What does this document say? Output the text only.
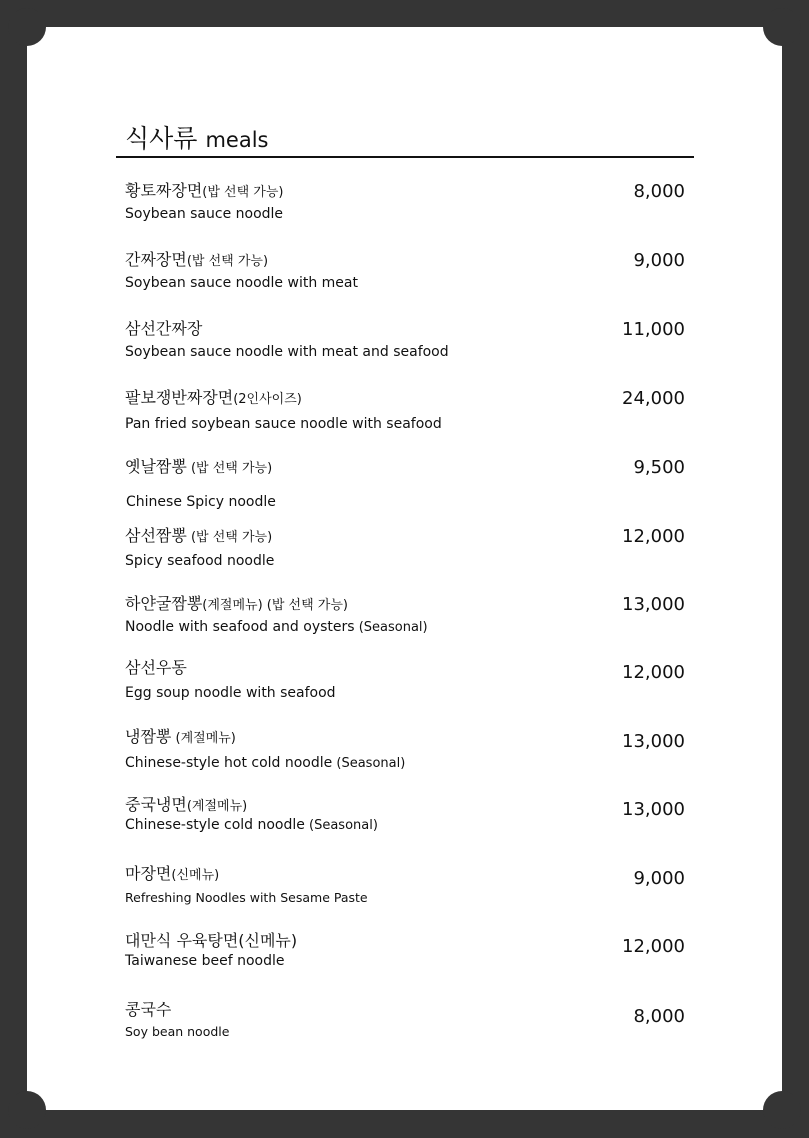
식사류 meals
황토짜장면(밥 선택 가능)
Soybean sauce noodle
8,000
간짜장면(밥 선택 가능)
Soybean sauce noodle with meat
9,000
삼선간짜장
Soybean sauce noodle with meat and seafood
11,000
팔보쟁반짜장면(2인사이즈)
Pan fried soybean sauce noodle with seafood
24,000
옛날짬뽕 (밥 선택 가능)
Chinese Spicy noodle
9,500
삼선짬뽕 (밥 선택 가능)
Spicy seafood noodle
12,000
하얀굴짬뽕(계절메뉴) (밥 선택 가능)
Noodle with seafood and oysters (Seasonal)
13,000
삼선우동
Egg soup noodle with seafood
12,000
냉짬뽕 (계절메뉴)
Chinese-style hot cold noodle (Seasonal)
13,000
중국냉면(계절메뉴)
Chinese-style cold noodle (Seasonal)
13,000
마장면(신메뉴)
Refreshing Noodles with Sesame Paste
9,000
대만식 우육탕면(신메뉴)
Taiwanese beef noodle
12,000
콩국수
Soy bean noodle
8,000
